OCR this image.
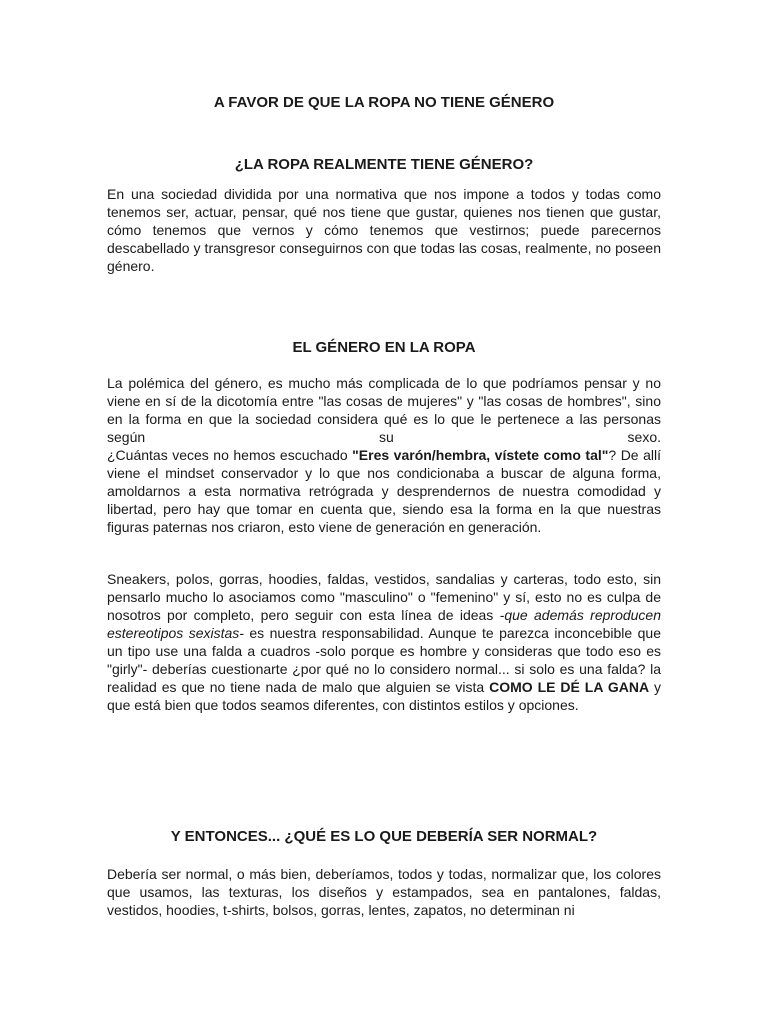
A FAVOR DE QUE LA ROPA NO TIENE GÉNERO
¿LA ROPA REALMENTE TIENE GÉNERO?

En una sociedad dividida por una normativa que nos impone a todos y todas como tenemos ser, actuar, pensar, qué nos tiene que gustar, quienes nos tienen que gustar, cómo tenemos que vernos y cómo tenemos que vestirnos; puede parecernos descabellado y transgresor conseguirnos con que todas las cosas, realmente, no poseen género.

EL GÉNERO EN LA ROPA

La polémica del género, es mucho más complicada de lo que podríamos pensar y no viene en sí de la dicotomía entre "las cosas de mujeres" y "las cosas de hombres", sino en la forma en que la sociedad considera qué es lo que le pertenece a las personas según su sexo.
¿Cuántas veces no hemos escuchado "Eres varón/hembra, vístete como tal"? De allí viene el mindset conservador y lo que nos condicionaba a buscar de alguna forma, amoldarnos a esta normativa retrógrada y desprendernos de nuestra comodidad y libertad, pero hay que tomar en cuenta que, siendo esa la forma en la que nuestras figuras paternas nos criaron, esto viene de generación en generación.

Sneakers, polos, gorras, hoodies, faldas, vestidos, sandalias y carteras, todo esto, sin pensarlo mucho lo asociamos como "masculino" o "femenino" y sí, esto no es culpa de nosotros por completo, pero seguir con esta línea de ideas -que además reproducen estereotipos sexistas- es nuestra responsabilidad. Aunque te parezca inconcebible que un tipo use una falda a cuadros -solo porque es hombre y consideras que todo eso es "girly"- deberías cuestionarte ¿por qué no lo considero normal... si solo es una falda? la realidad es que no tiene nada de malo que alguien se vista COMO LE DÉ LA GANA y que está bien que todos seamos diferentes, con distintos estilos y opciones.

Y ENTONCES... ¿QUÉ ES LO QUE DEBERÍA SER NORMAL?

Debería ser normal, o más bien, deberíamos, todos y todas, normalizar que, los colores que usamos, las texturas, los diseños y estampados, sea en pantalones, faldas, vestidos, hoodies, t-shirts, bolsos, gorras, lentes, zapatos, no determinan ni
